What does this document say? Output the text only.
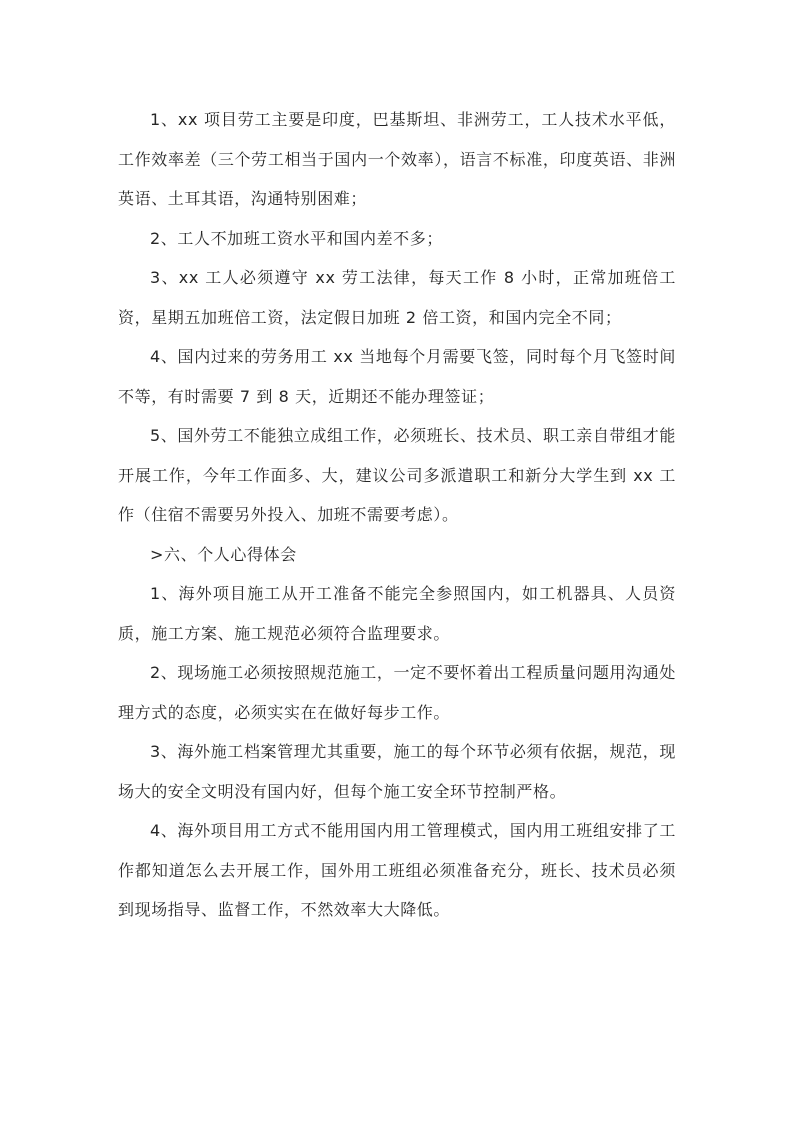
1、xx 项目劳工主要是印度，巴基斯坦、非洲劳工，工人技术水平低，工作效率差（三个劳工相当于国内一个效率），语言不标准，印度英语、非洲英语、土耳其语，沟通特别困难；

2、工人不加班工资水平和国内差不多；

3、xx 工人必须遵守 xx 劳工法律，每天工作 8 小时，正常加班倍工资，星期五加班倍工资，法定假日加班 2 倍工资，和国内完全不同；

4、国内过来的劳务用工 xx 当地每个月需要飞签，同时每个月飞签时间不等，有时需要 7 到 8 天，近期还不能办理签证；

5、国外劳工不能独立成组工作，必须班长、技术员、职工亲自带组才能开展工作，今年工作面多、大，建议公司多派遣职工和新分大学生到 xx 工作（住宿不需要另外投入、加班不需要考虑）。

>六、个人心得体会

1、海外项目施工从开工准备不能完全参照国内，如工机器具、人员资质，施工方案、施工规范必须符合监理要求。

2、现场施工必须按照规范施工，一定不要怀着出工程质量问题用沟通处理方式的态度，必须实实在在做好每步工作。

3、海外施工档案管理尤其重要，施工的每个环节必须有依据，规范，现场大的安全文明没有国内好，但每个施工安全环节控制严格。

4、海外项目用工方式不能用国内用工管理模式，国内用工班组安排了工作都知道怎么去开展工作，国外用工班组必须准备充分，班长、技术员必须到现场指导、监督工作，不然效率大大降低。
